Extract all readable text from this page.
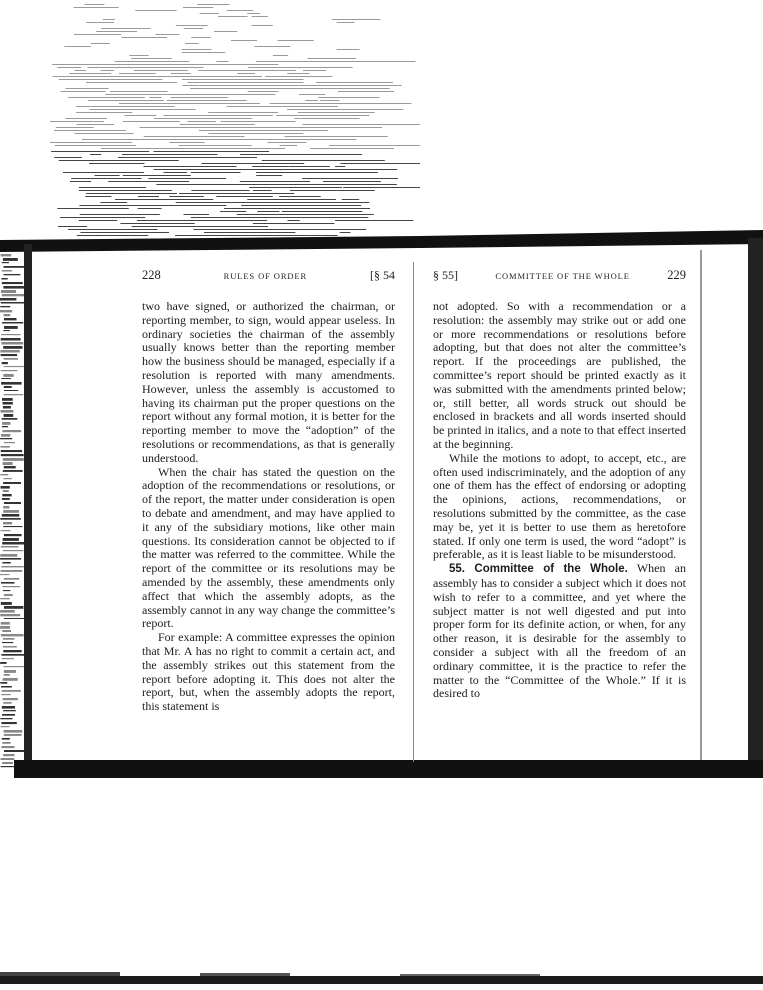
228	RULES OF ORDER	[§ 54

two have signed, or authorized the chairman, or reporting member, to sign, would appear useless. In ordinary societies the chairman of the assembly usually knows better than the reporting member how the business should be managed, especially if a resolution is reported with many amendments. However, unless the assembly is accustomed to having its chairman put the proper questions on the report without any formal motion, it is better for the reporting member to move the “adoption” of the resolutions or recommendations, as that is generally understood.

When the chair has stated the question on the adoption of the recommendations or resolutions, or of the report, the matter under consideration is open to debate and amendment, and may have applied to it any of the subsidiary motions, like other main questions. Its consideration cannot be objected to if the matter was referred to the committee. While the report of the committee or its resolutions may be amended by the assembly, these amendments only affect that which the assembly adopts, as the assembly cannot in any way change the committee’s report.

For example: A committee expresses the opinion that Mr. A has no right to commit a certain act, and the assembly strikes out this statement from the report before adopting it. This does not alter the report, but, when the assembly adopts the report, this statement is

§ 55]	COMMITTEE OF THE WHOLE	229

not adopted. So with a recommendation or a resolution: the assembly may strike out or add one or more recommendations or resolutions before adopting, but that does not alter the committee’s report. If the proceedings are published, the committee’s report should be printed exactly as it was submitted with the amendments printed below; or, still better, all words struck out should be enclosed in brackets and all words inserted should be printed in italics, and a note to that effect inserted at the beginning.

While the motions to adopt, to accept, etc., are often used indiscriminately, and the adoption of any one of them has the effect of endorsing or adopting the opinions, actions, recommendations, or resolutions submitted by the committee, as the case may be, yet it is better to use them as heretofore stated. If only one term is used, the word “adopt” is preferable, as it is least liable to be misunderstood.

55. Committee of the Whole. When an assembly has to consider a subject which it does not wish to refer to a committee, and yet where the subject matter is not well digested and put into proper form for its definite action, or when, for any other reason, it is desirable for the assembly to consider a subject with all the freedom of an ordinary committee, it is the practice to refer the matter to the “Committee of the Whole.” If it is desired to
